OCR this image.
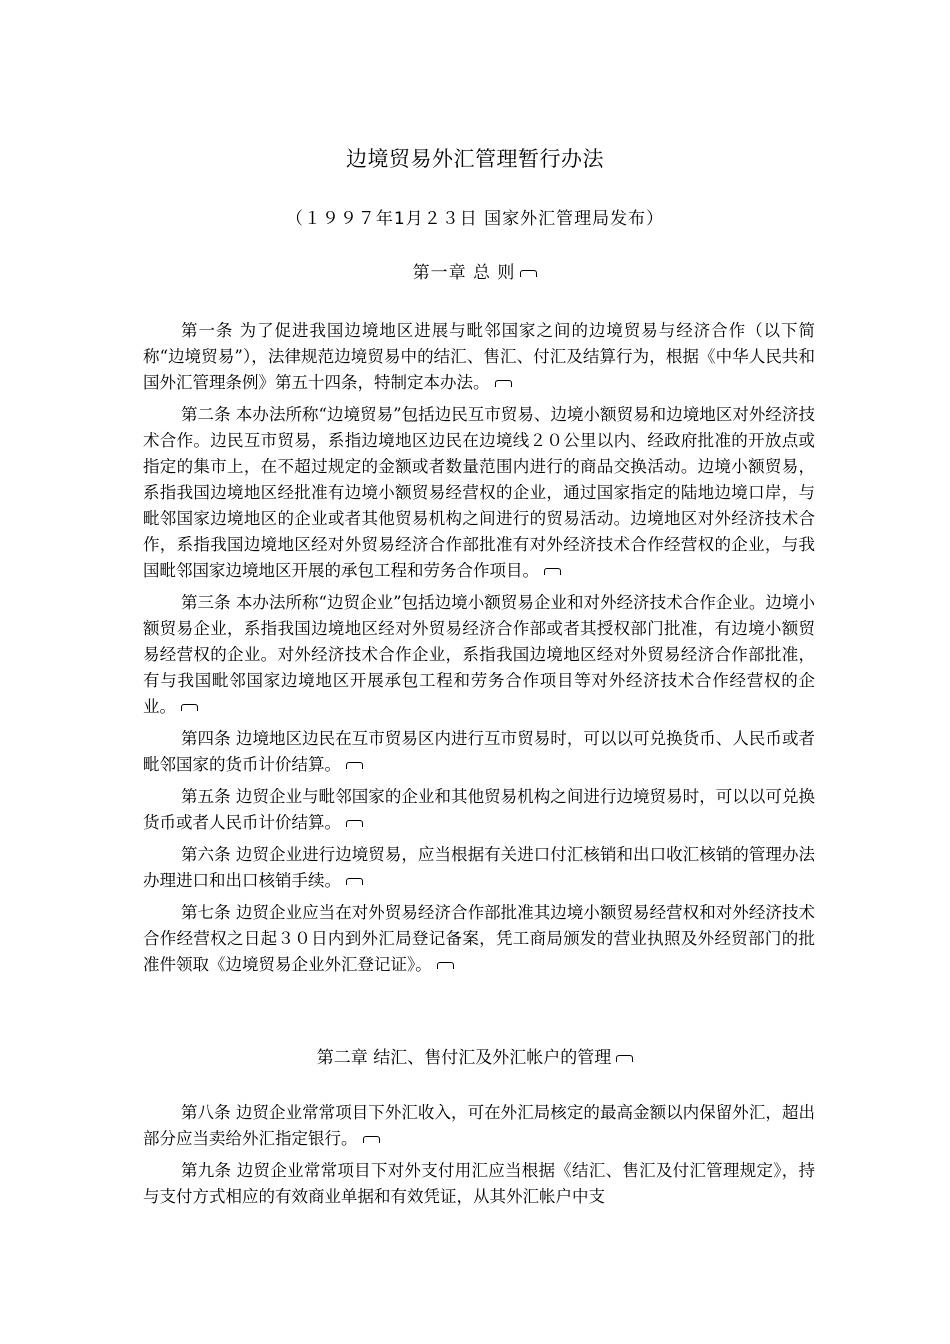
边境贸易外汇管理暂行办法
（１９９７年1月２３日 国家外汇管理局发布）
第一章 总 则

第一条 为了促进我国边境地区进展与毗邻国家之间的边境贸易与经济合作（以下简称“边境贸易”），法律规范边境贸易中的结汇、售汇、付汇及结算行为，根据《中华人民共和国外汇管理条例》第五十四条，特制定本办法。

第二条 本办法所称“边境贸易”包括边民互市贸易、边境小额贸易和边境地区对外经济技术合作。边民互市贸易，系指边境地区边民在边境线２０公里以内、经政府批准的开放点或指定的集市上，在不超过规定的金额或者数量范围内进行的商品交换活动。边境小额贸易，系指我国边境地区经批准有边境小额贸易经营权的企业，通过国家指定的陆地边境口岸，与毗邻国家边境地区的企业或者其他贸易机构之间进行的贸易活动。边境地区对外经济技术合作，系指我国边境地区经对外贸易经济合作部批准有对外经济技术合作经营权的企业，与我国毗邻国家边境地区开展的承包工程和劳务合作项目。

第三条 本办法所称“边贸企业”包括边境小额贸易企业和对外经济技术合作企业。边境小额贸易企业，系指我国边境地区经对外贸易经济合作部或者其授权部门批准，有边境小额贸易经营权的企业。对外经济技术合作企业，系指我国边境地区经对外贸易经济合作部批准，有与我国毗邻国家边境地区开展承包工程和劳务合作项目等对外经济技术合作经营权的企业。

第四条 边境地区边民在互市贸易区内进行互市贸易时，可以以可兑换货币、人民币或者毗邻国家的货币计价结算。

第五条 边贸企业与毗邻国家的企业和其他贸易机构之间进行边境贸易时，可以以可兑换货币或者人民币计价结算。

第六条 边贸企业进行边境贸易，应当根据有关进口付汇核销和出口收汇核销的管理办法办理进口和出口核销手续。

第七条 边贸企业应当在对外贸易经济合作部批准其边境小额贸易经营权和对外经济技术合作经营权之日起３０日内到外汇局登记备案，凭工商局颁发的营业执照及外经贸部门的批准件领取《边境贸易企业外汇登记证》。

第二章 结汇、售付汇及外汇帐户的管理

第八条 边贸企业常常项目下外汇收入，可在外汇局核定的最高金额以内保留外汇，超出部分应当卖给外汇指定银行。

第九条 边贸企业常常项目下对外支付用汇应当根据《结汇、售汇及付汇管理规定》，持与支付方式相应的有效商业单据和有效凭证，从其外汇帐户中支
